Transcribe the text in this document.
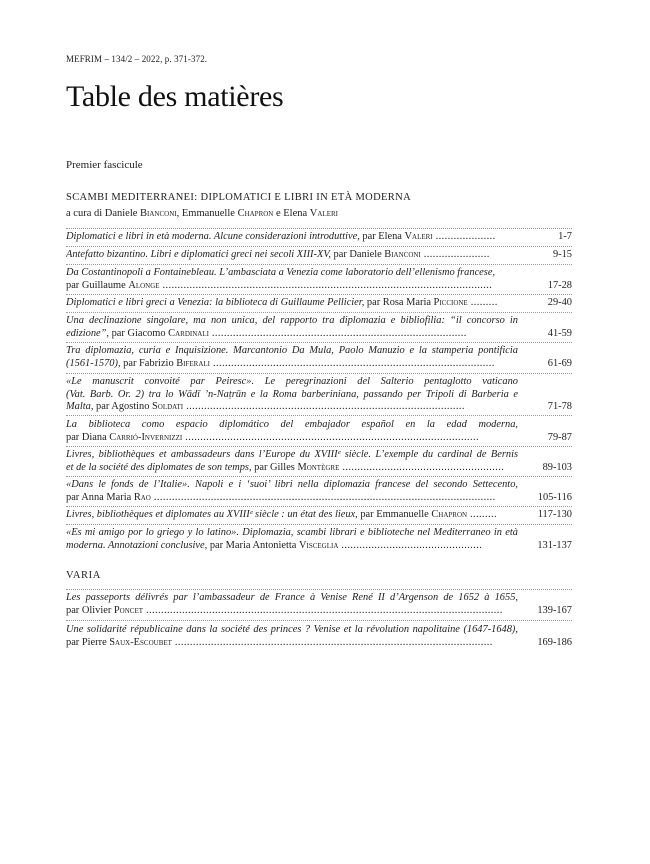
MEFRIM – 134/2 – 2022, p. 371-372.
Table des matières
Premier fascicule
SCAMBI MEDITERRANEI: DIPLOMATICI E LIBRI IN ETÀ MODERNA
a cura di Daniele Bianconi, Emmanuelle Chapron e Elena Valeri
Diplomatici e libri in età moderna. Alcune considerazioni introduttive, par Elena Valeri ....................	1-7
Antefatto bizantino. Libri e diplomatici greci nei secoli XIII-XV, par Daniele Bianconi ......................	9-15
Da Costantinopoli a Fontainebleau. L’ambasciata a Venezia come laboratorio dell’ellenismo francese,
par Guillaume Alonge ..............................................................................................................	17-28
Diplomatici e libri greci a Venezia: la biblioteca di Guillaume Pellicier, par Rosa Maria Piccione .........	29-40
Una declinazione singolare, ma non unica, del rapporto tra diplomazia e bibliofilia: “il concorso in
edizione”, par Giacomo Cardinali .....................................................................................	41-59
Tra diplomazia, curia e Inquisizione. Marcantonio Da Mula, Paolo Manuzio e la stamperia pontificia
(1561-1570), par Fabrizio Biferali ..............................................................................................	61-69
«Le manuscrit convoité par Peiresc». Le peregrinazioni del Salterio pentaglotto vaticano
(Vat. Barb. Or. 2) tra lo Wādī ’n-Naṭrūn e la Roma barberiniana, passando per Tripoli di Barberia e
Malta, par Agostino Soldati .............................................................................................	71-78
La biblioteca como espacio diplomático del embajador español en la edad moderna,
par Diana Carrió-Invernizzi ..................................................................................................	79-87
Livres, bibliothèques et ambassadeurs dans l’Europe du XVIIIᵉ siècle. L’exemple du cardinal de Bernis
et de la société des diplomates de son temps, par Gilles Montègre ......................................................	89-103
«Dans le fonds de l’Italie». Napoli e i ‘suoi’ libri nella diplomazia francese del secondo Settecento,
par Anna Maria Rao ..................................................................................................................	105-116
Livres, bibliothèques et diplomates au XVIIIᵉ siècle : un état des lieux, par Emmanuelle Chapron .........	117-130
«Es mi amigo por lo griego y lo latino». Diplomazia, scambi librari e biblioteche nel Mediterraneo in età
moderna. Annotazioni conclusive, par Maria Antonietta Visceglia ...............................................	131-137
VARIA
Les passeports délivrés par l’ambassadeur de France à Venise René II d’Argenson de 1652 à 1655,
par Olivier Poncet .......................................................................................................................	139-167
Une solidarité républicaine dans la société des princes ? Venise et la révolution napolitaine (1647-1648),
par Pierre Saux-Escoubet ..........................................................................................................	169-186
